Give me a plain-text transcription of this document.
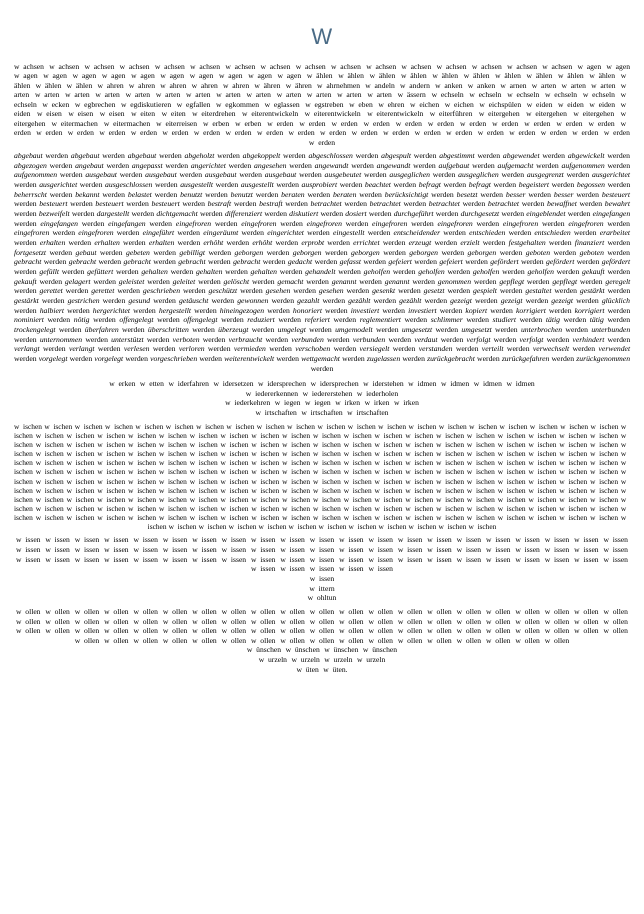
W

w achsen w achsen w achsen w achsen w achsen w achsen w achsen w achsen w achsen w achsen w achsen w achsen w achsen w achsen w achsen w achsen w agen w agen w agen w agen w agen w agen w agen w agen w agen w agen w agen w agen w ählen w ählen w ählen w ählen w ählen w ählen w ählen w ählen w ählen w ählen w ählen w ählen w ählen w ahren w ahren w ahren w ahren w ahren w ähren w ähren w ahrnehmen w andeln w andern w anken w anken w arnen w arten w arten w arten w arten w arten w arten w arten w arten w arten w arten w arten w arten w arten w arten w arten w arten w ässern w echseln w echseln w echseln w echseln w echseln w echseln w ecken w egbrechen w egdiskutieren w egfallen w egkommen w eglassen w egstreben w eben w ehren w eichen w eichen w eichspülen w eiden w eiden w eiden w eiden w eisen w eisen w eisen w eiten w eiten w eiterdrehen w eiterentwickeln w eiterentwickeln w eiterentwickeln w eiterführen w eitergehen w eitergehen w eitergehen w eitergehen w eitermachen w eitermachen w eiterreisen w erben w erben w erden w erden w erden w erden w erden w erden w erden w erden w erden w erden w erden w erden w erden w erden w erden w erden w erden w erden w erden w erden w erden w erden w erden w erden w erden w erden w erden w erden w erden w erden w erden w erden

abgebaut werden abgebaut werden abgebaut werden abgeholzt werden abgekoppelt werden abgeschlossen werden abgespult werden abgestimmt werden abgewendet werden abgewickelt werden abgezogen werden angebaut werden angepasst werden angerichtet werden angesehen werden angewandt werden angewandt werden aufgebaut werden aufgemacht werden aufgenommen werden aufgenommen werden ausgebaut werden ausgebaut werden ausgebaut werden ausgebaut werden ausgebeutet werden ausgeglichen werden ausgeglichen werden ausgegrenzt werden ausgerichtet werden ausgerichtet werden ausgeschlossen werden ausgestellt werden ausgestellt werden ausprobiert werden beachtet werden befragt werden befragt werden begeistert werden begossen werden beherrscht werden bekannt werden belastet werden benutzt werden benutzt werden beraten werden beraten werden berücksichtigt werden besetzt werden besser werden besser werden besteuert werden besteuert werden besteuert werden besteuert werden bestraft werden bestraft werden betrachtet werden betrachtet werden betrachtet werden betrachtet werden bewaffnet werden bewahrt werden bezweifelt werden dargestellt werden dichtgemacht werden differenziert werden diskutiert werden dosiert werden durchgeführt werden durchgesetzt werden eingeblendet werden eingefangen werden eingefangen werden eingefangen werden eingefroren werden eingefroren werden eingefroren werden eingefroren werden eingefroren werden eingefroren werden eingefroren werden eingefroren werden eingefroren werden eingeführt werden eingeräumt werden eingerichtet werden eingestellt werden entscheidender werden entschieden werden entschieden werden erarbeitet werden erhalten werden erhalten werden erhalten werden erhöht werden erhöht werden erprobt werden errichtet werden erzeugt werden erzielt werden festgehalten werden finanziert werden fortgesetzt werden gebaut werden gebeten werden gebilligt werden geborgen werden geborgen werden geborgen werden geborgen werden geborgen werden geboten werden geboten werden gebracht werden gebracht werden gebracht werden gebracht werden gebracht werden gedacht werden gefasst werden gefeiert werden gefeiert werden gefördert werden gefördert werden gefördert werden gefüllt werden gefüttert werden gehalten werden gehalten werden gehalten werden gehandelt werden geholfen werden geholfen werden geholfen werden geholfen werden gekauft werden gekauft werden gelagert werden geleistet werden geleitet werden gelöscht werden gemacht werden genannt werden genannt werden genommen werden gepflegt werden gepflegt werden geregelt werden gerettet werden gerettet werden geschrieben werden geschützt werden gesehen werden gesehen werden gesenkt werden gesetzt werden gespielt werden gestaltet werden gestärkt werden gestärkt werden gestrichen werden gesund werden getäuscht werden gewonnen werden gezahlt werden gezählt werden gezählt werden gezeigt werden gezeigt werden gezeigt werden glücklich werden halbiert werden hergerichtet werden hergestellt werden hineingezogen werden honoriert werden investiert werden investiert werden kopiert werden korrigiert werden korrigiert werden nominiert werden nötig werden offengelegt werden offengelegt werden reduziert werden referiert werden reglementiert werden schlimmer werden studiert werden tätig werden tätig werden trockengelegt werden überfahren werden überschritten werden überzeugt werden umgelegt werden umgemodelt werden umgesetzt werden umgesetzt werden unterbrochen werden unterbunden werden unternommen werden unterstützt werden verboten werden verbraucht werden verbunden werden verbunden werden verdaut werden verfolgt werden verfolgt werden verhindert werden verlangt werden verlangt werden verlesen werden verloren werden vermieden werden verschoben werden versiegelt werden verstanden werden verteilt werden verwechselt werden verwendet werden vorgelegt werden vorgelegt werden vorgeschrieben werden weiterentwickelt werden wettgemacht werden zugelassen werden zurückgebracht werden zurückgefahren werden zurückgenommen werden

w erken w etten w iderfahren w idersetzen w idersprechen w idersprechen w iderstehen w idmen w idmen w idmen w idmen
w iedererkennen w iedererstehen w iederholen
w iederkehren w iegen w iegen w irken w irken w irken
w irtschaften w irtschaften w irtschaften

w ischen w ischen w ischen w ischen w ischen w ischen w ischen w ischen w ischen w ischen w ischen w ischen w ischen w ischen w ischen w ischen w ischen w ischen w ischen w ischen w ischen w ischen w ischen w ischen w ischen w ischen w ischen w ischen w ischen w ischen w ischen w ischen w ischen w ischen w ischen w ischen w ischen w ischen w ischen w ischen w ischen w ischen w ischen w ischen w ischen w ischen w ischen w ischen w ischen w ischen w ischen w ischen w ischen w ischen w ischen w ischen w ischen w ischen w ischen w ischen w ischen w ischen w ischen w ischen w ischen w ischen w ischen w ischen w ischen w ischen w ischen w ischen w ischen w ischen w ischen w ischen w ischen w ischen w ischen w ischen w ischen w ischen w ischen w ischen w ischen w ischen w ischen w ischen w ischen w ischen w ischen w ischen w ischen w ischen w ischen w ischen w ischen w ischen w ischen w ischen w ischen w ischen w ischen w ischen w ischen w ischen w ischen w ischen w ischen w ischen w ischen w ischen w ischen w ischen w ischen w ischen w ischen w ischen w ischen w ischen w ischen w ischen w ischen w ischen w ischen w ischen w ischen w ischen w ischen w ischen w ischen w ischen w ischen w ischen w ischen w ischen w ischen w ischen w ischen w ischen w ischen w ischen w ischen w ischen w ischen w ischen w ischen w ischen w ischen w ischen w ischen w ischen w ischen w ischen w ischen w ischen w ischen w ischen w ischen w ischen w ischen w ischen w ischen w ischen w ischen w ischen w ischen w ischen w ischen w ischen w ischen w ischen w ischen w ischen w ischen w ischen w ischen w ischen w ischen w ischen w ischen w ischen w ischen w ischen w ischen w ischen w ischen w ischen w ischen w ischen w ischen w ischen w ischen w ischen w ischen w ischen w ischen w ischen w ischen w ischen w ischen w ischen w ischen w ischen w ischen w ischen w ischen w ischen w ischen w ischen w ischen w ischen w ischen w ischen w ischen w ischen w ischen w ischen w ischen w ischen w ischen w ischen w ischen w ischen w ischen w ischen w ischen w ischen w ischen w ischen w ischen w ischen

w issen w issen w issen w issen w issen w issen w issen w issen w issen w issen w issen w issen w issen w issen w issen w issen w issen w issen w issen w issen w issen w issen w issen w issen w issen w issen w issen w issen w issen w issen w issen w issen w issen w issen w issen w issen w issen w issen w issen w issen w issen w issen w issen w issen w issen w issen w issen w issen w issen w issen w issen w issen w issen w issen w issen w issen w issen w issen w issen w issen w issen w issen w issen w issen w issen w issen w issen w issen

w issen
w ittern
w ohltun

w ollen w ollen w ollen w ollen w ollen w ollen w ollen w ollen w ollen w ollen w ollen w ollen w ollen w ollen w ollen w ollen w ollen w ollen w ollen w ollen w ollen w ollen w ollen w ollen w ollen w ollen w ollen w ollen w ollen w ollen w ollen w ollen w ollen w ollen w ollen w ollen w ollen w ollen w ollen w ollen w ollen w ollen w ollen w ollen w ollen w ollen w ollen w ollen w ollen w ollen w ollen w ollen w ollen w ollen w ollen w ollen w ollen w ollen w ollen w ollen w ollen w ollen w ollen w ollen w ollen w ollen w ollen w ollen w ollen w ollen w ollen w ollen w ollen w ollen w ollen w ollen w ollen w ollen w ollen w ollen

w ünschen w ünschen w ünschen w ünschen
w urzeln w urzeln w urzeln w urzeln
w üten w üten.
